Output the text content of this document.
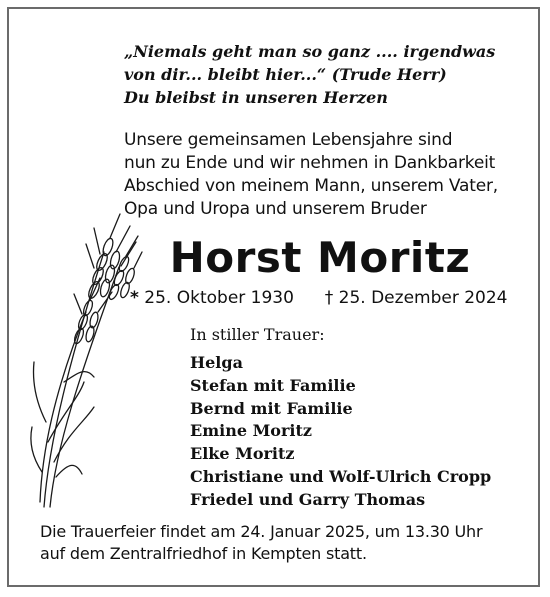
„Niemals geht man so ganz .... irgendwas
von dir... bleibt hier...“ (Trude Herr)
Du bleibst in unseren Herzen
Unsere gemeinsamen Lebensjahre sind
nun zu Ende und wir nehmen in Dankbarkeit
Abschied von meinem Mann, unserem Vater,
Opa und Uropa und unserem Bruder
Horst Moritz
* 25. Oktober 1930 † 25. Dezember 2024
In stiller Trauer:
Helga
Stefan mit Familie
Bernd mit Familie
Emine Moritz
Elke Moritz
Christiane und Wolf-Ulrich Cropp
Friedel und Garry Thomas
Die Trauerfeier findet am 24. Januar 2025, um 13.30 Uhr
auf dem Zentralfriedhof in Kempten statt.
